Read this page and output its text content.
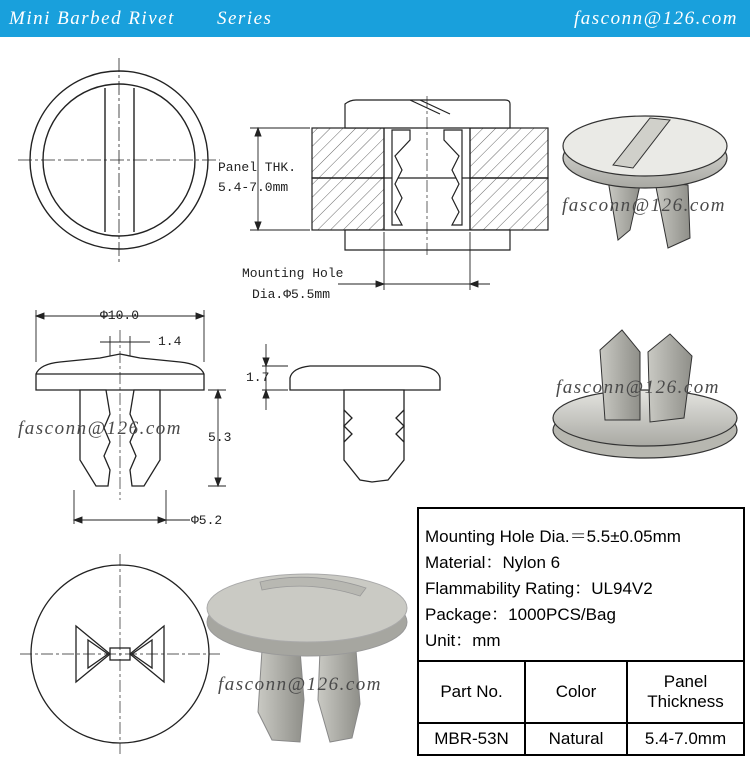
Mini Barbed Rivet Series	fasconn@126.com
Panel THK.
5.4-7.0mm
Mounting Hole
Dia.Φ5.5mm
Φ10.0
1.4
1.7
5.3
Φ5.2
fasconn@126.com
fasconn@126.com
fasconn@126.com
fasconn@126.com
Mounting Hole Dia.＝5.5±0.05mm
Material：Nylon 6
Flammability Rating：UL94V2
Package：1000PCS/Bag
Unit：mm
Part No.	Color	Panel Thickness
MBR-53N	Natural	5.4-7.0mm
